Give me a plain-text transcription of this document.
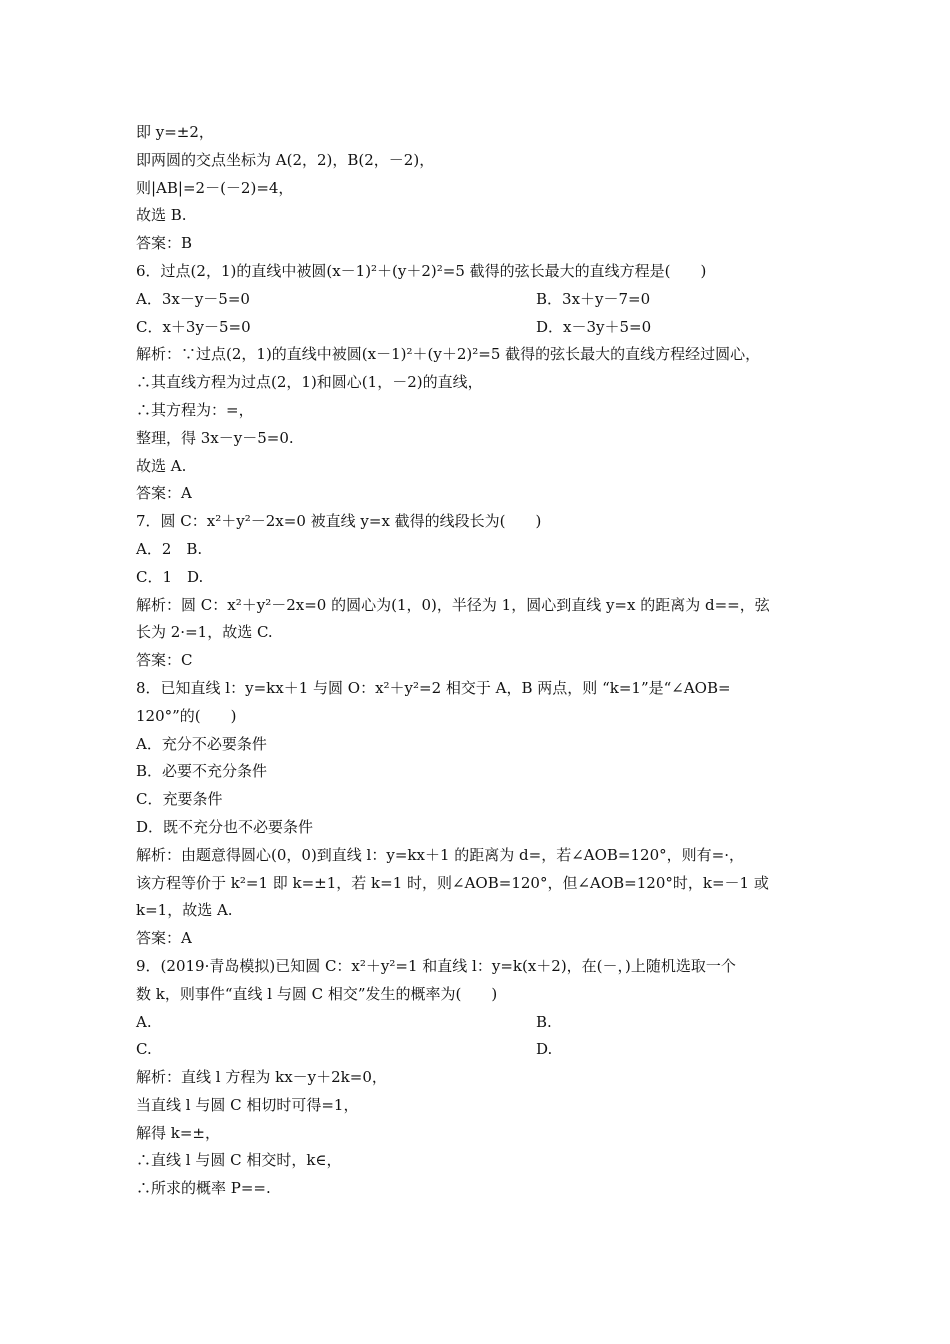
即 y=±2，
即两圆的交点坐标为 A(2，2)，B(2，－2)，
则|AB|=2－(－2)=4，
故选 B.
答案：B
6．过点(2，1)的直线中被圆(x－1)²＋(y＋2)²=5 截得的弦长最大的直线方程是(　　)
A．3x－y－5=0	B．3x＋y－7=0
C．x＋3y－5=0	D．x－3y＋5=0
解析：∵过点(2，1)的直线中被圆(x－1)²＋(y＋2)²=5 截得的弦长最大的直线方程经过圆心，
∴其直线方程为过点(2，1)和圆心(1，－2)的直线，
∴其方程为：=，
整理，得 3x－y－5=0.
故选 A.
答案：A
7．圆 C：x²＋y²－2x=0 被直线 y=x 截得的线段长为(　　)
A．2　B.
C．1　D.
解析：圆 C：x²＋y²－2x=0 的圆心为(1，0)，半径为 1，圆心到直线 y=x 的距离为 d==，弦
长为 2·=1，故选 C.
答案：C
8．已知直线 l：y=kx＋1 与圆 O：x²＋y²=2 相交于 A，B 两点，则 “k=1”是“∠AOB=
120°”的(　　)
A．充分不必要条件
B．必要不充分条件
C．充要条件
D．既不充分也不必要条件
解析：由题意得圆心(0，0)到直线 l：y=kx＋1 的距离为 d=，若∠AOB=120°，则有=·，
该方程等价于 k²=1 即 k=±1，若 k=1 时，则∠AOB=120°，但∠AOB=120°时，k=－1 或
k=1，故选 A.
答案：A
9．(2019·青岛模拟)已知圆 C：x²＋y²=1 和直线 l：y=k(x＋2)，在(－，)上随机选取一个
数 k，则事件“直线 l 与圆 C 相交”发生的概率为(　　)
A.	B.
C.	D.
解析：直线 l 方程为 kx－y＋2k=0，
当直线 l 与圆 C 相切时可得=1，
解得 k=±，
∴直线 l 与圆 C 相交时，k∈，
∴所求的概率 P==.
